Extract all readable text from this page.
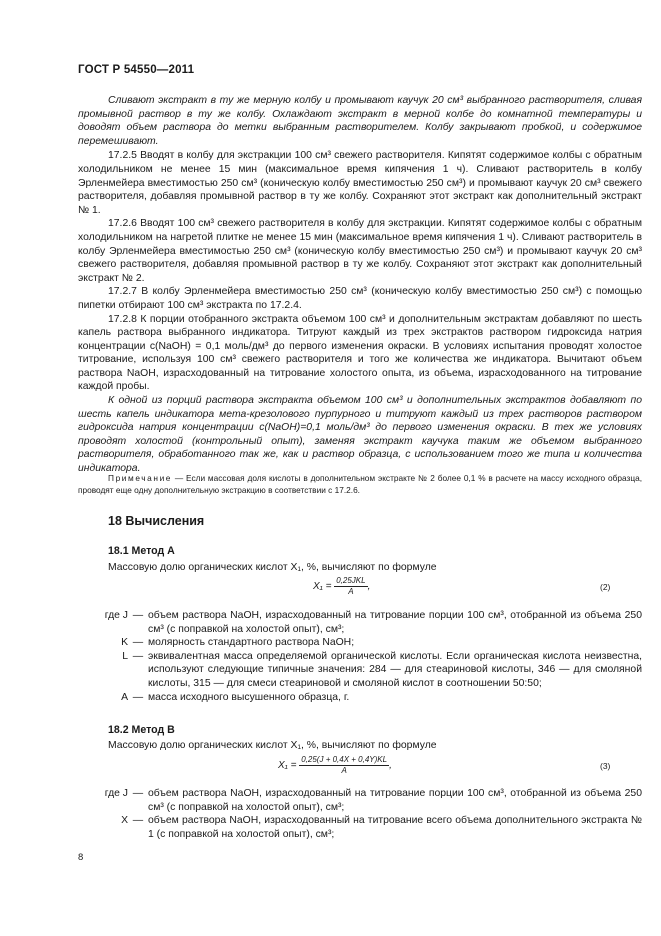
ГОСТ Р 54550—2011

Сливают экстракт в ту же мерную колбу и промывают каучук 20 см³ выбранного растворителя, сливая промывной раствор в ту же колбу. Охлаждают экстракт в мерной колбе до комнатной температуры и доводят объем раствора до метки выбранным растворителем. Колбу закрывают пробкой, и содержимое перемешивают.

17.2.5 Вводят в колбу для экстракции 100 см³ свежего растворителя. Кипятят содержимое колбы с обратным холодильником не менее 15 мин (максимальное время кипячения 1 ч). Сливают растворитель в колбу Эрленмейера вместимостью 250 см³ (коническую колбу вместимостью 250 см³) и промывают каучук 20 см³ свежего растворителя, добавляя промывной раствор в ту же колбу. Сохраняют этот экстракт как дополнительный экстракт № 1.

17.2.6 Вводят 100 см³ свежего растворителя в колбу для экстракции. Кипятят содержимое колбы с обратным холодильником на нагретой плитке не менее 15 мин (максимальное время кипячения 1 ч). Сливают растворитель в колбу Эрленмейера вместимостью 250 см³ (коническую колбу вместимостью 250 см³) и промывают каучук 20 см³ свежего растворителя, добавляя промывной раствор в ту же колбу. Сохраняют этот экстракт как дополнительный экстракт № 2.

17.2.7 В колбу Эрленмейера вместимостью 250 см³ (коническую колбу вместимостью 250 см³) с помощью пипетки отбирают 100 см³ экстракта по 17.2.4.

17.2.8 К порции отобранного экстракта объемом 100 см³ и дополнительным экстрактам добавляют по шесть капель раствора выбранного индикатора. Титруют каждый из трех экстрактов раствором гидроксида натрия концентрации с(NaOH) = 0,1 моль/дм³ до первого изменения окраски. В условиях испытания проводят холостое титрование, используя 100 см³ свежего растворителя и того же количества же индикатора. Вычитают объем раствора NaOH, израсходованный на титрование холостого опыта, из объема, израсходованного на титрование каждой пробы.

К одной из порций раствора экстракта объемом 100 см³ и дополнительных экстрактов добавляют по шесть капель индикатора мета-крезолового пурпурного и титруют каждый из трех растворов раствором гидроксида натрия концентрации с(NaOH)=0,1 моль/дм³ до первого изменения окраски. В тех же условиях проводят холостой (контрольный опыт), заменяя экстракт каучука таким же объемом выбранного растворителя, обработанного так же, как и раствор образца, с использованием того же типа и количества индикатора.

Примечание — Если массовая доля кислоты в дополнительном экстракте № 2 более 0,1 % в расчете на массу исходного образца, проводят еще одну дополнительную экстракцию в соответствии с 17.2.6.
18 Вычисления
18.1 Метод А
Массовую долю органических кислот X₁, %, вычисляют по формуле
$X_1 = \frac{\text{0,25JKL}}{A}$ ,	(2)
где J — объем раствора NaOH, израсходованный на титрование порции 100 см³, отобранной из объема 250 см³ (с поправкой на холостой опыт), см³;
K — молярность стандартного раствора NaOH;
L — эквивалентная масса определяемой органической кислоты. Если органическая кислота неизвестна, используют следующие типичные значения: 284 — для стеариновой кислоты, 346 — для смоляной кислоты, 315 — для смеси стеариновой и смоляной кислот в соотношении 50:50;
A — масса исходного высушенного образца, г.
18.2 Метод В
Массовую долю органических кислот X₁, %, вычисляют по формуле
$X_1 = \frac{0,25(J + 0,4X + 0,4Y)KL}{A}$ ,	(3)
где J — объем раствора NaOH, израсходованный на титрование порции 100 см³, отобранной из объема 250 см³ (с поправкой на холостой опыт), см³;
X — объем раствора NaOH, израсходованный на титрование всего объема дополнительного экстракта № 1 (с поправкой на холостой опыт), см³;
8
